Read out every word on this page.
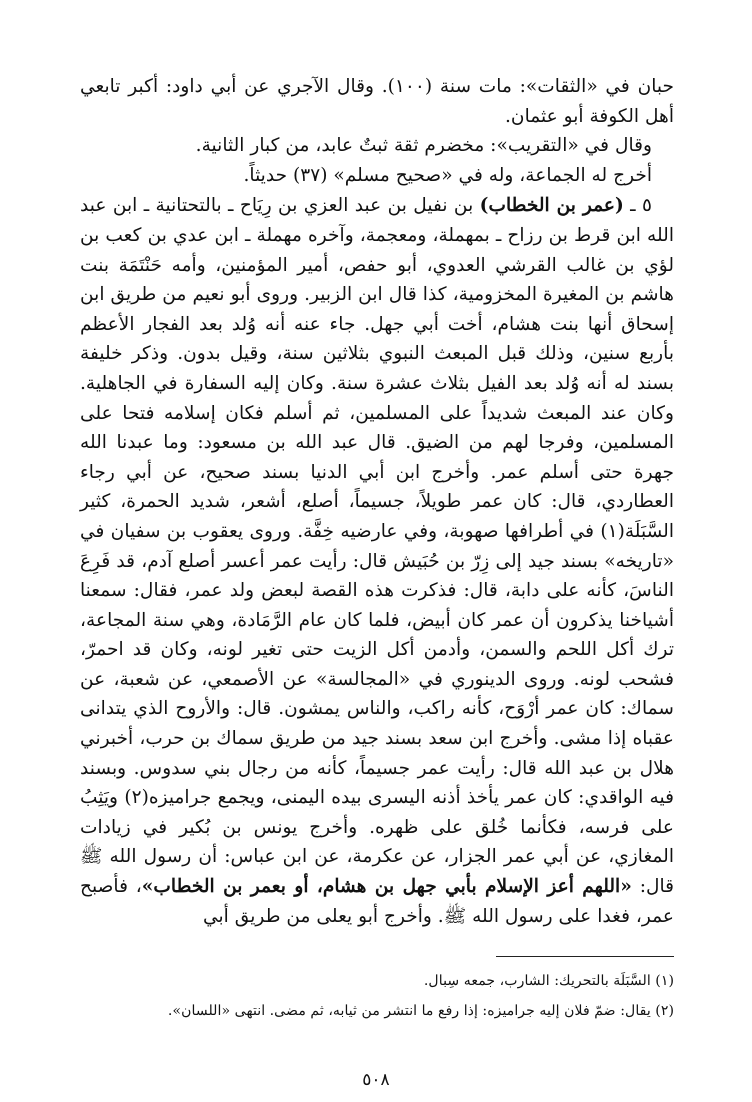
حبان في «الثقات»: مات سنة (١٠٠). وقال الآجري عن أبي داود: أكبر تابعي أهل الكوفة أبو عثمان.

وقال في «التقريب»: مخضرم ثقة ثبتٌ عابد، من كبار الثانية.

أخرج له الجماعة، وله في «صحيح مسلم» (٣٧) حديثاً.

٥ ـ (عمر بن الخطاب) بن نفيل بن عبد العزي بن رِيَاح ـ بالتحتانية ـ ابن عبد الله ابن قرط بن رزاح ـ بمهملة، ومعجمة، وآخره مهملة ـ ابن عدي بن كعب بن لؤي بن غالب القرشي العدوي، أبو حفص، أمير المؤمنين، وأمه حَنْتَمَة بنت هاشم بن المغيرة المخزومية، كذا قال ابن الزبير. وروى أبو نعيم من طريق ابن إسحاق أنها بنت هشام، أخت أبي جهل. جاء عنه أنه وُلد بعد الفجار الأعظم بأربع سنين، وذلك قبل المبعث النبوي بثلاثين سنة، وقيل بدون. وذكر خليفة بسند له أنه وُلد بعد الفيل بثلاث عشرة سنة. وكان إليه السفارة في الجاهلية. وكان عند المبعث شديداً على المسلمين، ثم أسلم فكان إسلامه فتحا على المسلمين، وفرجا لهم من الضيق. قال عبد الله بن مسعود: وما عبدنا الله جهرة حتى أسلم عمر. وأخرج ابن أبي الدنيا بسند صحيح، عن أبي رجاء العطاردي، قال: كان عمر طويلاً، جسيماً، أصلع، أشعر، شديد الحمرة، كثير السَّبَلَة(١) في أطرافها صهوبة، وفي عارضيه خِفَّة. وروى يعقوب بن سفيان في «تاريخه» بسند جيد إلى زِرّ بن حُبَيش قال: رأيت عمر أعسر أصلع آدم، قد فَرِعَ الناسَ، كأنه على دابة، قال: فذكرت هذه القصة لبعض ولد عمر، فقال: سمعنا أشياخنا يذكرون أن عمر كان أبيض، فلما كان عام الرَّمَادة، وهي سنة المجاعة، ترك أكل اللحم والسمن، وأدمن أكل الزيت حتى تغير لونه، وكان قد احمرّ، فشحب لونه. وروى الدينوري في «المجالسة» عن الأصمعي، عن شعبة، عن سماك: كان عمر أرْوَح، كأنه راكب، والناس يمشون. قال: والأروح الذي يتدانى عقباه إذا مشى. وأخرج ابن سعد بسند جيد من طريق سماك بن حرب، أخبرني هلال بن عبد الله قال: رأيت عمر جسيماً، كأنه من رجال بني سدوس. وبسند فيه الواقدي: كان عمر يأخذ أذنه اليسرى بيده اليمنى، ويجمع جراميزه(٢) ويَثِبُ على فرسه، فكأنما خُلق على ظهره. وأخرج يونس بن بُكير في زيادات المغازي، عن أبي عمر الجزار، عن عكرمة، عن ابن عباس: أن رسول الله ﷺ قال: «اللهم أعز الإسلام بأبي جهل بن هشام، أو بعمر بن الخطاب»، فأصبح عمر، فغدا على رسول الله ﷺ. وأخرج أبو يعلى من طريق أبي

(١) السَّبَلَة بالتحريك: الشارب، جمعه سِبال.

(٢) يقال: ضمّ فلان إليه جراميزه: إذا رفع ما انتشر من ثيابه، ثم مضى. انتهى «اللسان».

٥٠٨
